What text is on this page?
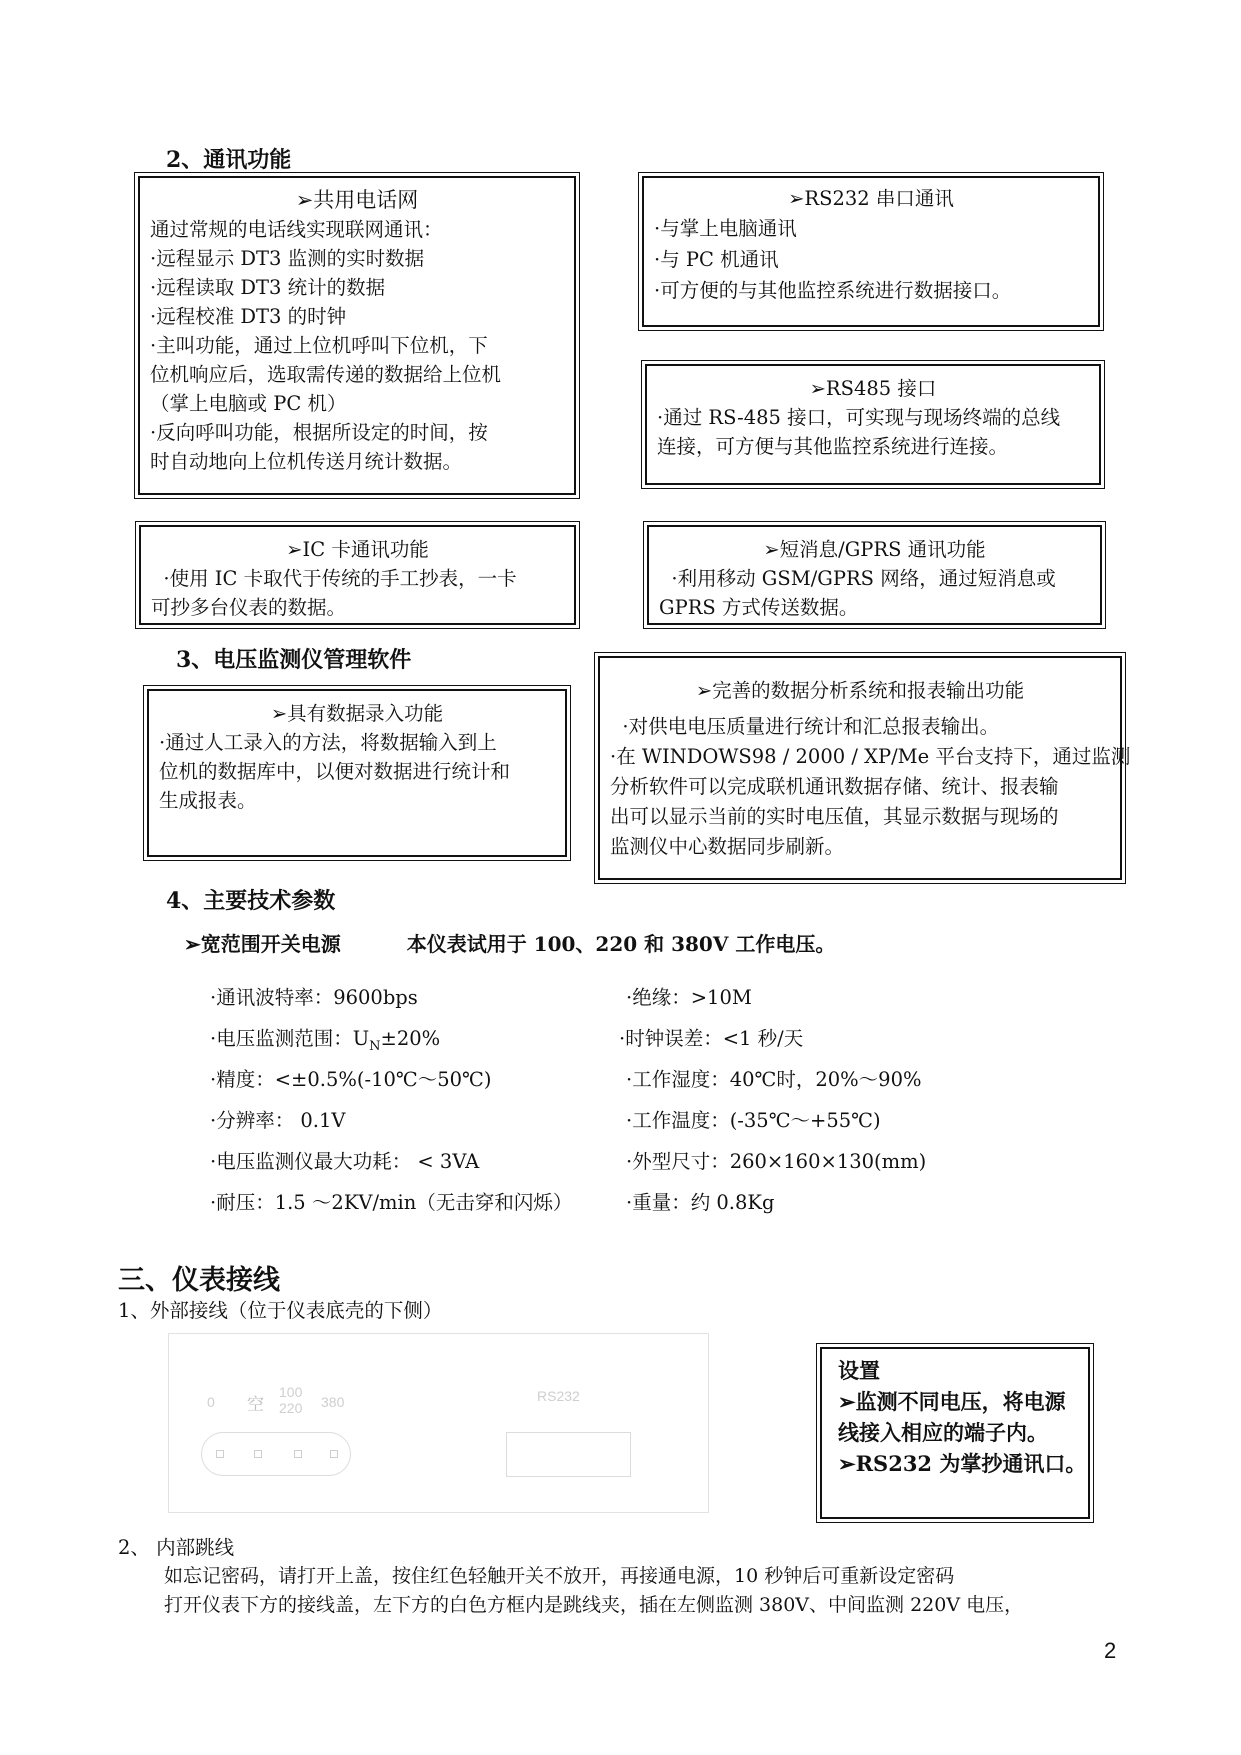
2、通讯功能
➢共用电话网
通过常规的电话线实现联网通讯：
·远程显示 DT3 监测的实时数据
·远程读取 DT3 统计的数据
·远程校准 DT3 的时钟
·主叫功能，通过上位机呼叫下位机，下
位机响应后，选取需传递的数据给上位机
（掌上电脑或 PC 机）
·反向呼叫功能，根据所设定的时间，按
时自动地向上位机传送月统计数据。
➢RS232 串口通讯
·与掌上电脑通讯
·与 PC 机通讯
·可方便的与其他监控系统进行数据接口。
➢RS485 接口
·通过 RS-485 接口，可实现与现场终端的总线
连接，可方便与其他监控系统进行连接。
➢IC 卡通讯功能
·使用 IC 卡取代于传统的手工抄表，一卡
可抄多台仪表的数据。
➢短消息/GPRS 通讯功能
·利用移动 GSM/GPRS 网络，通过短消息或
GPRS 方式传送数据。
3、电压监测仪管理软件
➢具有数据录入功能
·通过人工录入的方法，将数据输入到上
位机的数据库中，以便对数据进行统计和
生成报表。
➢完善的数据分析系统和报表输出功能
·对供电电压质量进行统计和汇总报表输出。
·在 WINDOWS98 / 2000 / XP/Me 平台支持下，通过监测
分析软件可以完成联机通讯数据存储、统计、报表输
出可以显示当前的实时电压值，其显示数据与现场的
监测仪中心数据同步刷新。
4、主要技术参数
➢宽范围开关电源	本仪表试用于 100、220 和 380V 工作电压。
·通讯波特率：9600bps
·电压监测范围：$U_N\pm 20\%$
·精度：<±0.5%(-10℃～50℃)
·分辨率： 0.1V
·电压监测仪最大功耗： < 3VA
·耐压：1.5 ～2KV/min（无击穿和闪烁）
·绝缘：>10M
·时钟误差：<1 秒/天
·工作湿度：40℃时，20%～90%
·工作温度：(-35℃～+55℃)
·外型尺寸：260×160×130(mm)
·重量：约 0.8Kg
三、仪表接线
1、外部接线（位于仪表底壳的下侧）
0 空
100
220 380	RS232
设置
➢监测不同电压，将电源
线接入相应的端子内。
➢RS232 为掌抄通讯口。
2、 内部跳线
如忘记密码，请打开上盖，按住红色轻触开关不放开，再接通电源，10 秒钟后可重新设定密码
打开仪表下方的接线盖，左下方的白色方框内是跳线夹，插在左侧监测 380V、中间监测 220V 电压，
2
